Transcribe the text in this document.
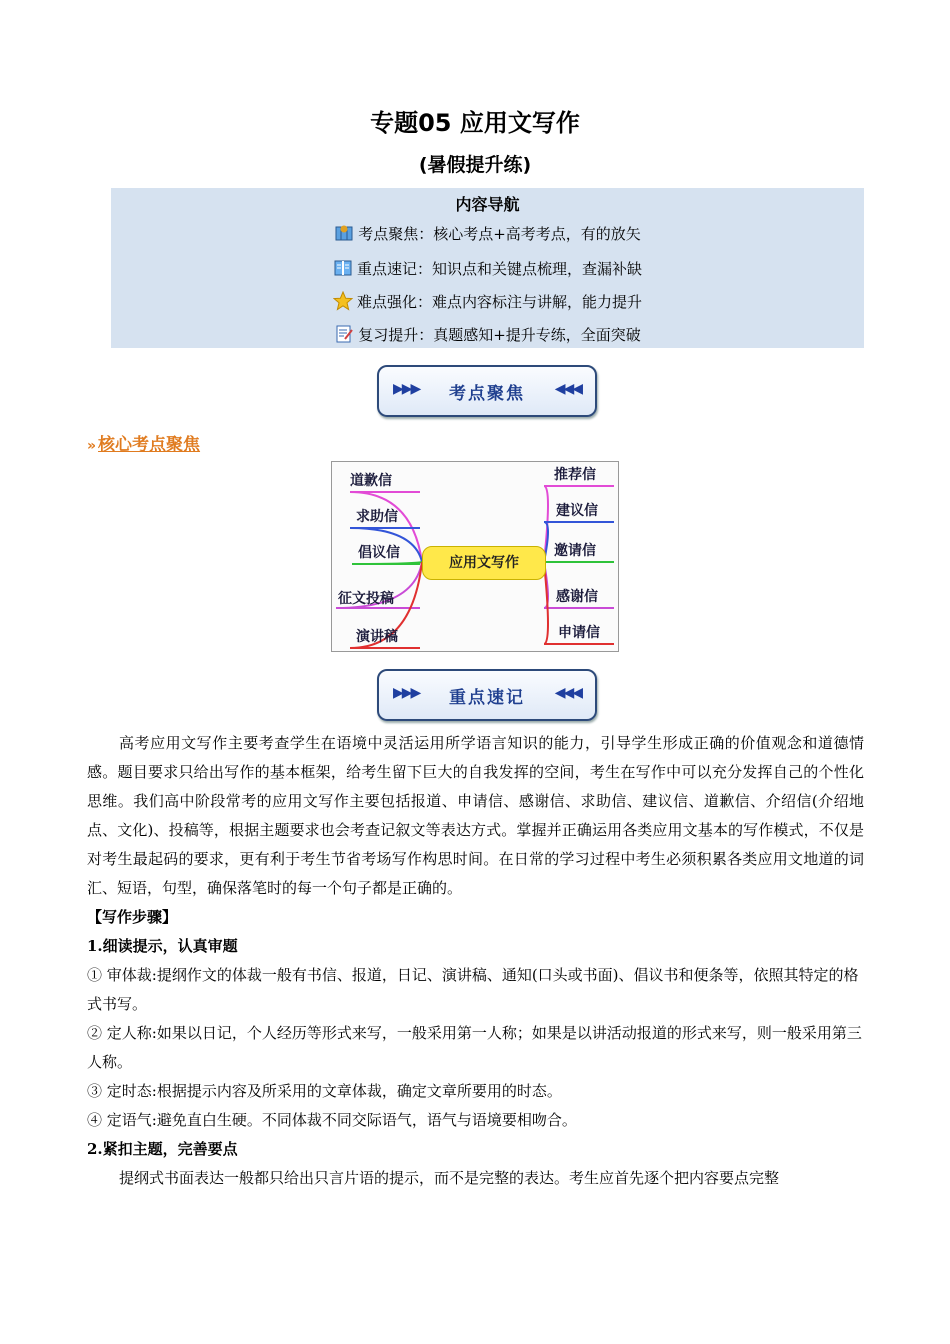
专题05 应用文写作
(暑假提升练)
内容导航
考点聚焦：核心考点+高考考点，有的放矢
重点速记：知识点和关键点梳理，查漏补缺
难点强化：难点内容标注与讲解，能力提升
复习提升：真题感知+提升专练，全面突破
▶▶▶	考点聚焦	◀◀◀
» 核心考点聚焦
道歉信
求助信
倡议信
征文投稿
演讲稿
应用文写作
推荐信
建议信
邀请信
感谢信
申请信
▶▶▶	重点速记	◀◀◀

高考应用文写作主要考查学生在语境中灵活运用所学语言知识的能力，引导学生形成正确的价值观念和道德情感。题目要求只给出写作的基本框架，给考生留下巨大的自我发挥的空间，考生在写作中可以充分发挥自己的个性化思维。我们高中阶段常考的应用文写作主要包括报道、申请信、感谢信、求助信、建议信、道歉信、介绍信(介绍地点、文化)、投稿等，根据主题要求也会考查记叙文等表达方式。掌握并正确运用各类应用文基本的写作模式，不仅是对考生最起码的要求，更有利于考生节省考场写作构思时间。在日常的学习过程中考生必须积累各类应用文地道的词汇、短语，句型，确保落笔时的每一个句子都是正确的。

【写作步骤】

1.细读提示，认真审题

① 审体裁:提纲作文的体裁一般有书信、报道，日记、演讲稿、通知(口头或书面)、倡议书和便条等，依照其特定的格式书写。

② 定人称:如果以日记，个人经历等形式来写，一般采用第一人称；如果是以讲活动报道的形式来写，则一般采用第三人称。

③ 定时态:根据提示内容及所采用的文章体裁，确定文章所要用的时态。

④ 定语气:避免直白生硬。不同体裁不同交际语气，语气与语境要相吻合。

2.紧扣主题，完善要点

提纲式书面表达一般都只给出只言片语的提示，而不是完整的表达。考生应首先逐个把内容要点完整
